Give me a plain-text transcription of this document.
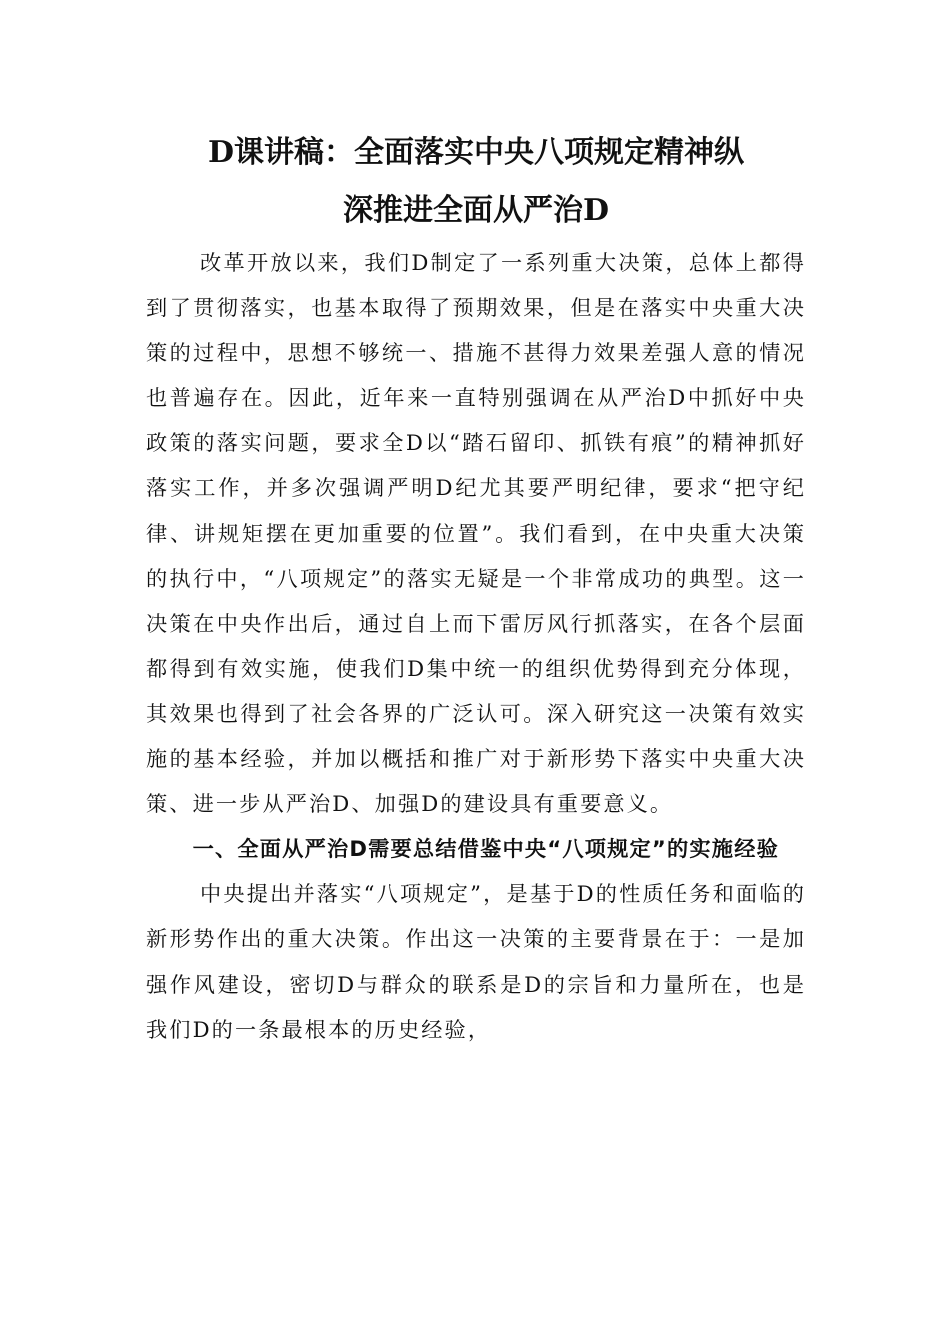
D课讲稿：全面落实中央八项规定精神纵
深推进全面从严治D

改革开放以来，我们D制定了一系列重大决策，总体上都得到了贯彻落实，也基本取得了预期效果，但是在落实中央重大决策的过程中，思想不够统一、措施不甚得力效果差强人意的情况也普遍存在。因此，近年来一直特别强调在从严治D中抓好中央政策的落实问题，要求全D以“踏石留印、抓铁有痕”的精神抓好落实工作，并多次强调严明D纪尤其要严明纪律，要求“把守纪律、讲规矩摆在更加重要的位置”。我们看到，在中央重大决策的执行中，“八项规定”的落实无疑是一个非常成功的典型。这一决策在中央作出后，通过自上而下雷厉风行抓落实，在各个层面都得到有效实施，使我们D集中统一的组织优势得到充分体现，其效果也得到了社会各界的广泛认可。深入研究这一决策有效实施的基本经验，并加以概括和推广对于新形势下落实中央重大决策、进一步从严治D、加强D的建设具有重要意义。

一、全面从严治D需要总结借鉴中央“八项规定”的实施经验

中央提出并落实“八项规定”，是基于D的性质任务和面临的新形势作出的重大决策。作出这一决策的主要背景在于：一是加强作风建设，密切D与群众的联系是D的宗旨和力量所在，也是我们D的一条最根本的历史经验，
